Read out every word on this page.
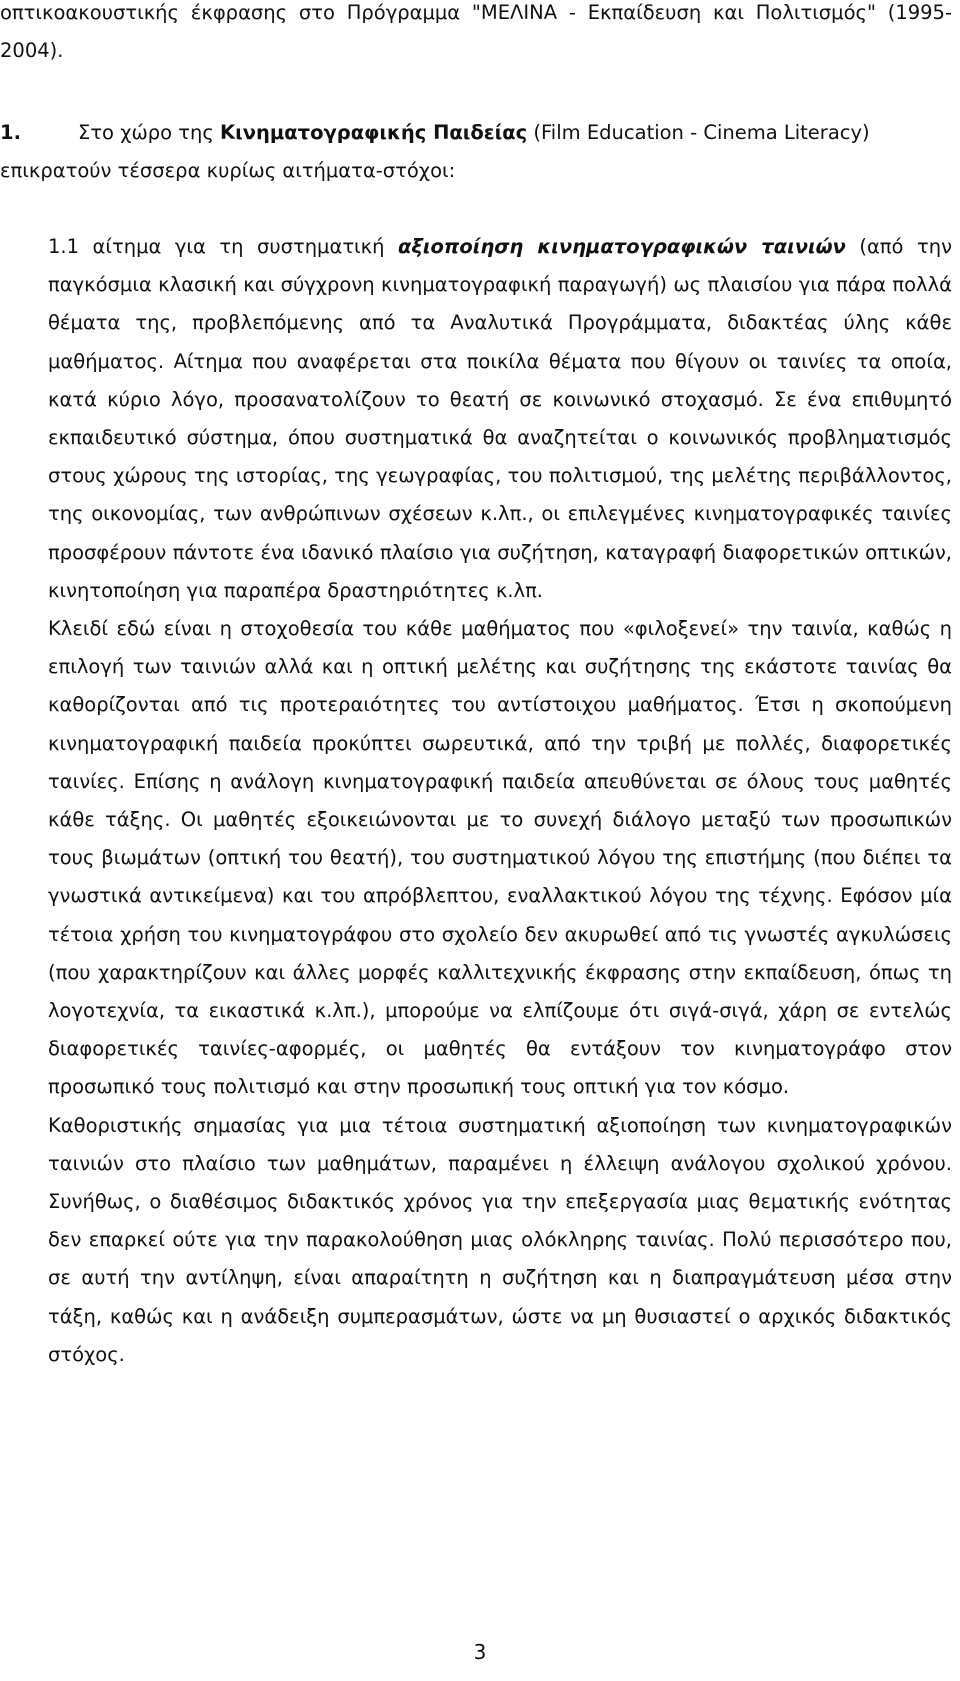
οπτικοακουστικής έκφρασης στο Πρόγραμμα "ΜΕΛΙΝΑ - Εκπαίδευση και Πολιτισμός" (1995-2004).

1.	Στο χώρο της Κινηματογραφικής Παιδείας (Film Education - Cinema Literacy) επικρατούν τέσσερα κυρίως αιτήματα-στόχοι:

1.1 αίτημα για τη συστηματική αξιοποίηση κινηματογραφικών ταινιών (από την παγκόσμια κλασική και σύγχρονη κινηματογραφική παραγωγή) ως πλαισίου για πάρα πολλά θέματα της, προβλεπόμενης από τα Αναλυτικά Προγράμματα, διδακτέας ύλης κάθε μαθήματος. Αίτημα που αναφέρεται στα ποικίλα θέματα που θίγουν οι ταινίες τα οποία, κατά κύριο λόγο, προσανατολίζουν το θεατή σε κοινωνικό στοχασμό. Σε ένα επιθυμητό εκπαιδευτικό σύστημα, όπου συστηματικά θα αναζητείται ο κοινωνικός προβληματισμός στους χώρους της ιστορίας, της γεωγραφίας, του πολιτισμού, της μελέτης περιβάλλοντος, της οικονομίας, των ανθρώπινων σχέσεων κ.λπ., οι επιλεγμένες κινηματογραφικές ταινίες προσφέρουν πάντοτε ένα ιδανικό πλαίσιο για συζήτηση, καταγραφή διαφορετικών οπτικών, κινητοποίηση για παραπέρα δραστηριότητες κ.λπ.

Κλειδί εδώ είναι η στοχοθεσία του κάθε μαθήματος που «φιλοξενεί» την ταινία, καθώς η επιλογή των ταινιών αλλά και η οπτική μελέτης και συζήτησης της εκάστοτε ταινίας θα καθορίζονται από τις προτεραιότητες του αντίστοιχου μαθήματος. Έτσι η σκοπούμενη κινηματογραφική παιδεία προκύπτει σωρευτικά, από την τριβή με πολλές, διαφορετικές ταινίες. Επίσης η ανάλογη κινηματογραφική παιδεία απευθύνεται σε όλους τους μαθητές κάθε τάξης. Οι μαθητές εξοικειώνονται με το συνεχή διάλογο μεταξύ των προσωπικών τους βιωμάτων (οπτική του θεατή), του συστηματικού λόγου της επιστήμης (που διέπει τα γνωστικά αντικείμενα) και του απρόβλεπτου, εναλλακτικού λόγου της τέχνης. Εφόσον μία τέτοια χρήση του κινηματογράφου στο σχολείο δεν ακυρωθεί από τις γνωστές αγκυλώσεις (που χαρακτηρίζουν και άλλες μορφές καλλιτεχνικής έκφρασης στην εκπαίδευση, όπως τη λογοτεχνία, τα εικαστικά κ.λπ.), μπορούμε να ελπίζουμε ότι σιγά-σιγά, χάρη σε εντελώς διαφορετικές ταινίες-αφορμές, οι μαθητές θα εντάξουν τον κινηματογράφο στον προσωπικό τους πολιτισμό και στην προσωπική τους οπτική για τον κόσμο.

Καθοριστικής σημασίας για μια τέτοια συστηματική αξιοποίηση των κινηματογραφικών ταινιών στο πλαίσιο των μαθημάτων, παραμένει η έλλειψη ανάλογου σχολικού χρόνου. Συνήθως, ο διαθέσιμος διδακτικός χρόνος για την επεξεργασία μιας θεματικής ενότητας δεν επαρκεί ούτε για την παρακολούθηση μιας ολόκληρης ταινίας. Πολύ περισσότερο που, σε αυτή την αντίληψη, είναι απαραίτητη η συζήτηση και η διαπραγμάτευση μέσα στην τάξη, καθώς και η ανάδειξη συμπερασμάτων, ώστε να μη θυσιαστεί ο αρχικός διδακτικός στόχος.

3
